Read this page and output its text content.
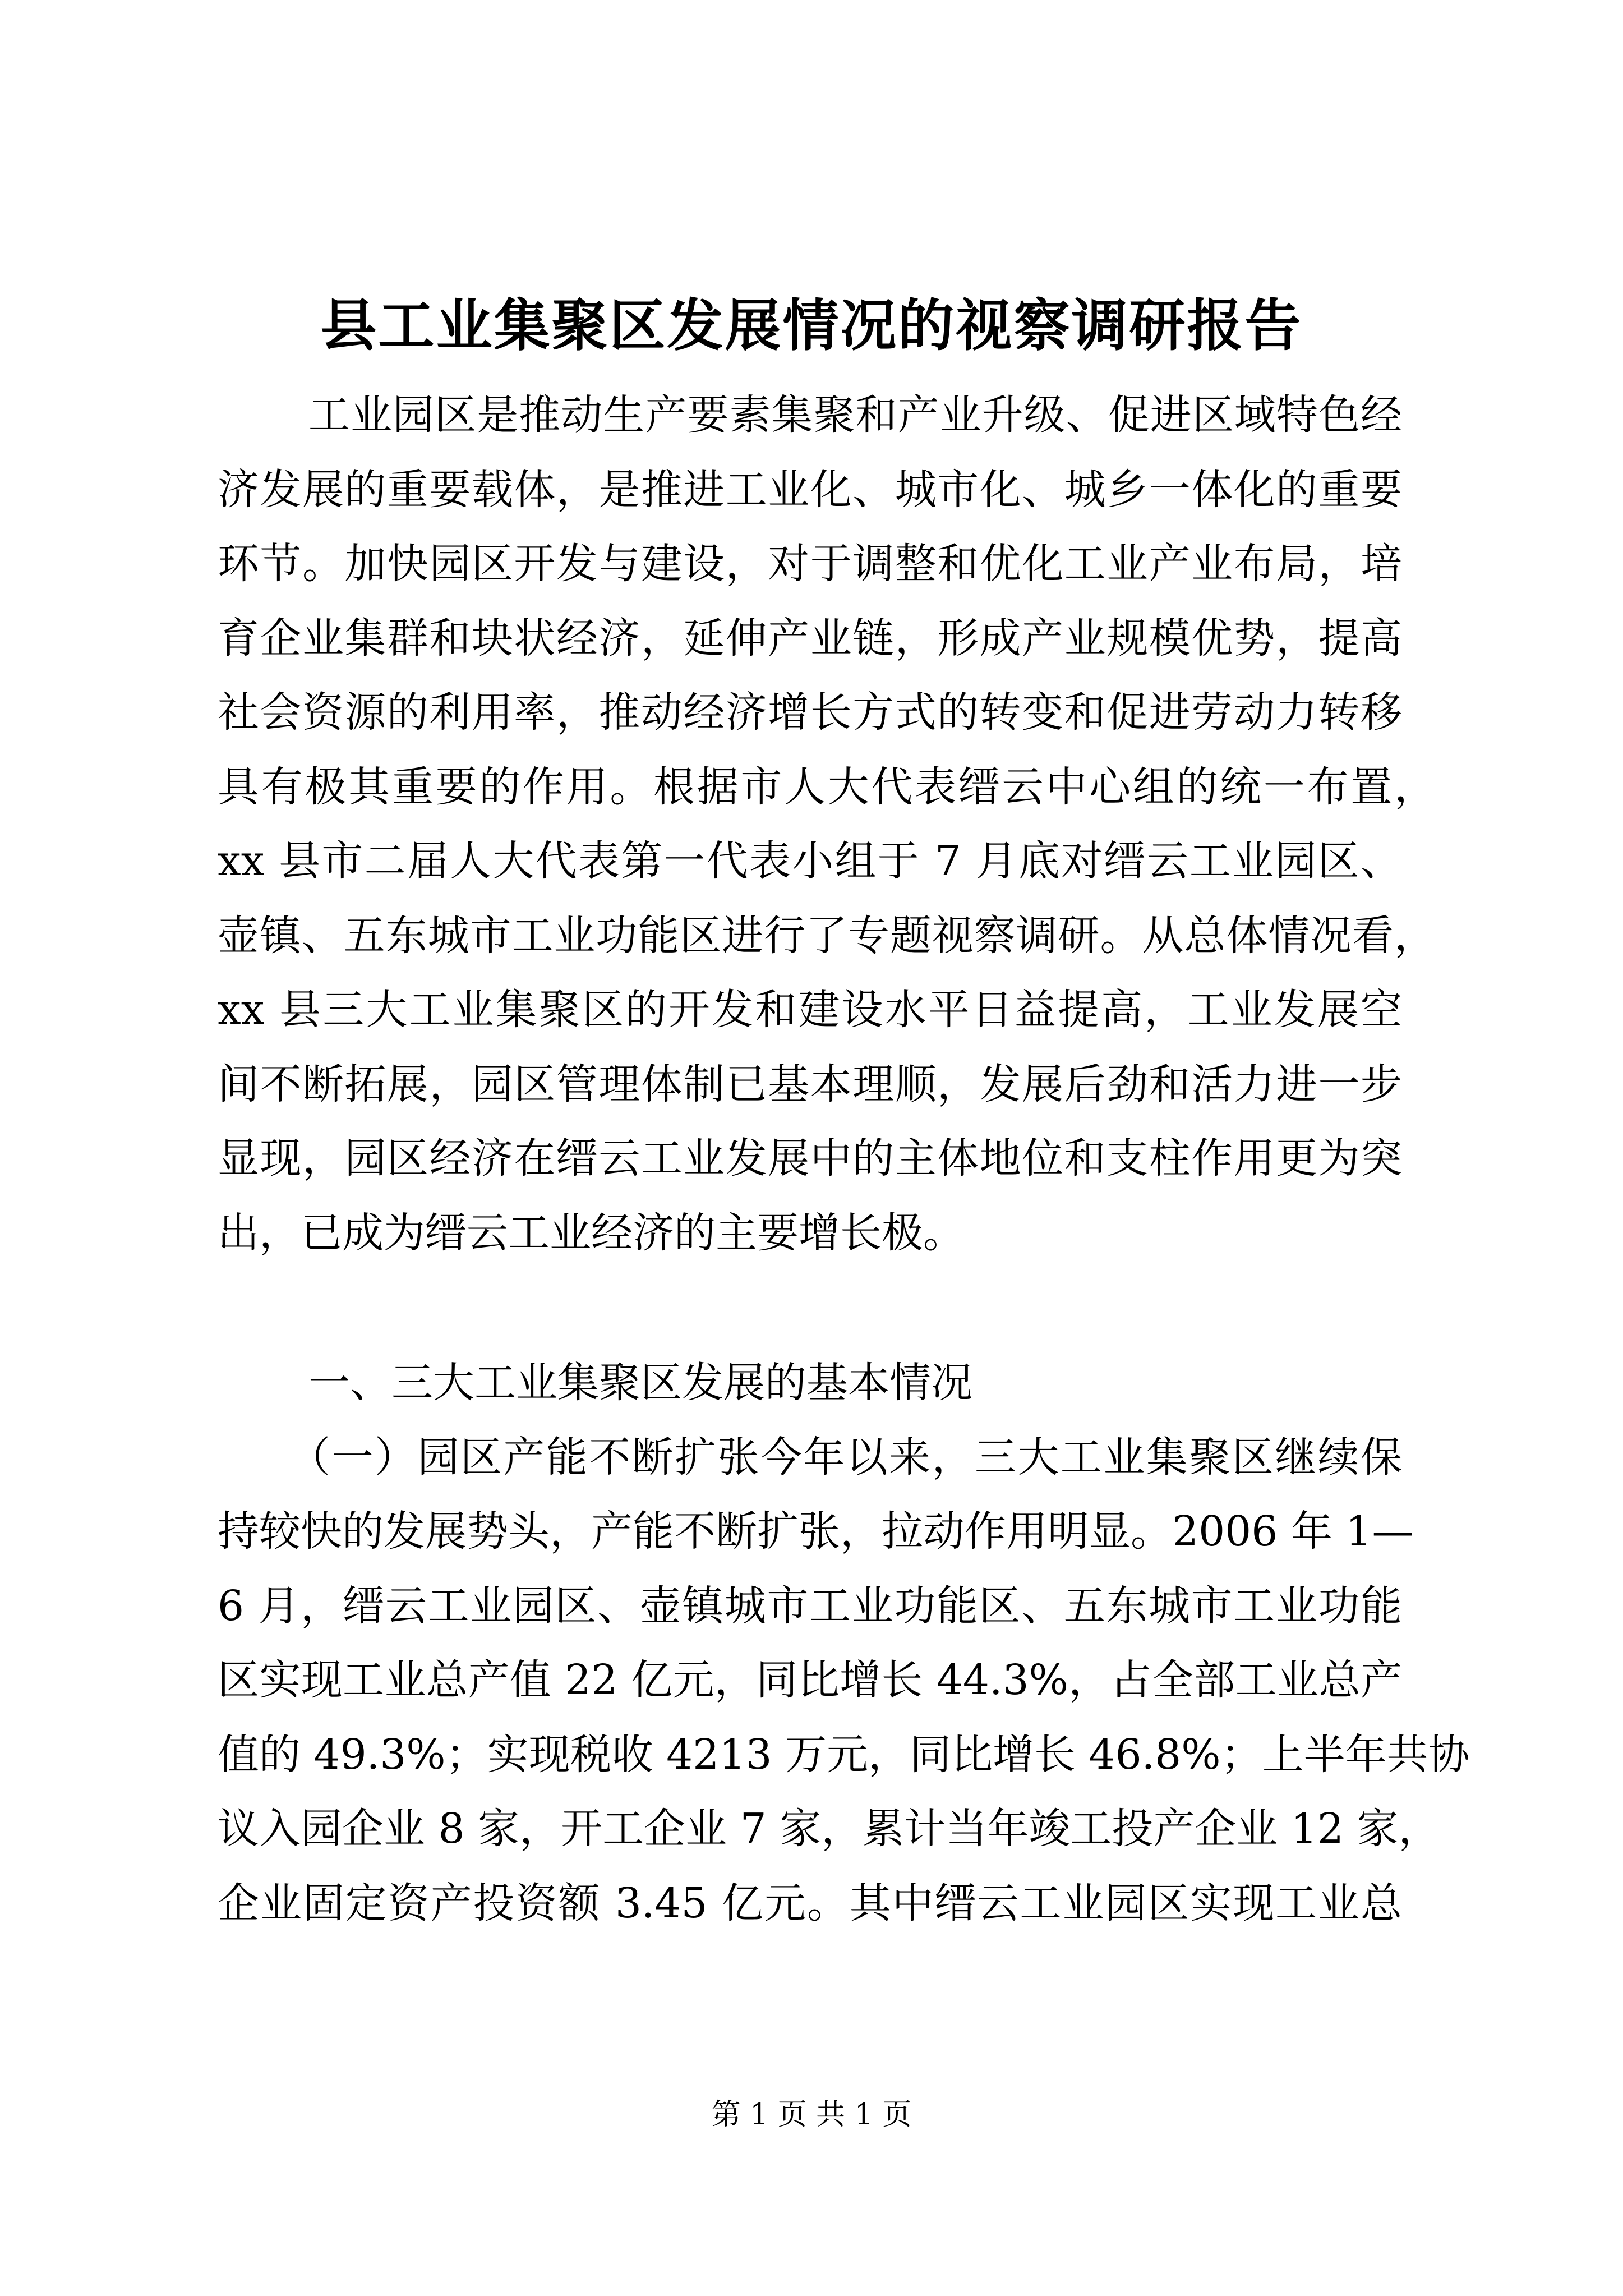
县工业集聚区发展情况的视察调研报告
工业园区是推动生产要素集聚和产业升级、促进区域特色经
济发展的重要载体，是推进工业化、城市化、城乡一体化的重要
环节。加快园区开发与建设，对于调整和优化工业产业布局，培
育企业集群和块状经济，延伸产业链，形成产业规模优势，提高
社会资源的利用率，推动经济增长方式的转变和促进劳动力转移
具有极其重要的作用。根据市人大代表缙云中心组的统一布置，
xx 县市二届人大代表第一代表小组于 7 月底对缙云工业园区、
壶镇、五东城市工业功能区进行了专题视察调研。从总体情况看，
xx 县三大工业集聚区的开发和建设水平日益提高，工业发展空
间不断拓展，园区管理体制已基本理顺，发展后劲和活力进一步
显现，园区经济在缙云工业发展中的主体地位和支柱作用更为突
出，已成为缙云工业经济的主要增长极。
一、三大工业集聚区发展的基本情况
（一）园区产能不断扩张今年以来，三大工业集聚区继续保
持较快的发展势头，产能不断扩张，拉动作用明显。2006 年 1—
6 月，缙云工业园区、壶镇城市工业功能区、五东城市工业功能
区实现工业总产值 22 亿元，同比增长 44.3%，占全部工业总产
值的 49.3%；实现税收 4213 万元，同比增长 46.8%；上半年共协
议入园企业 8 家，开工企业 7 家，累计当年竣工投产企业 12 家，
企业固定资产投资额 3.45 亿元。其中缙云工业园区实现工业总
第 1 页 共 1 页
